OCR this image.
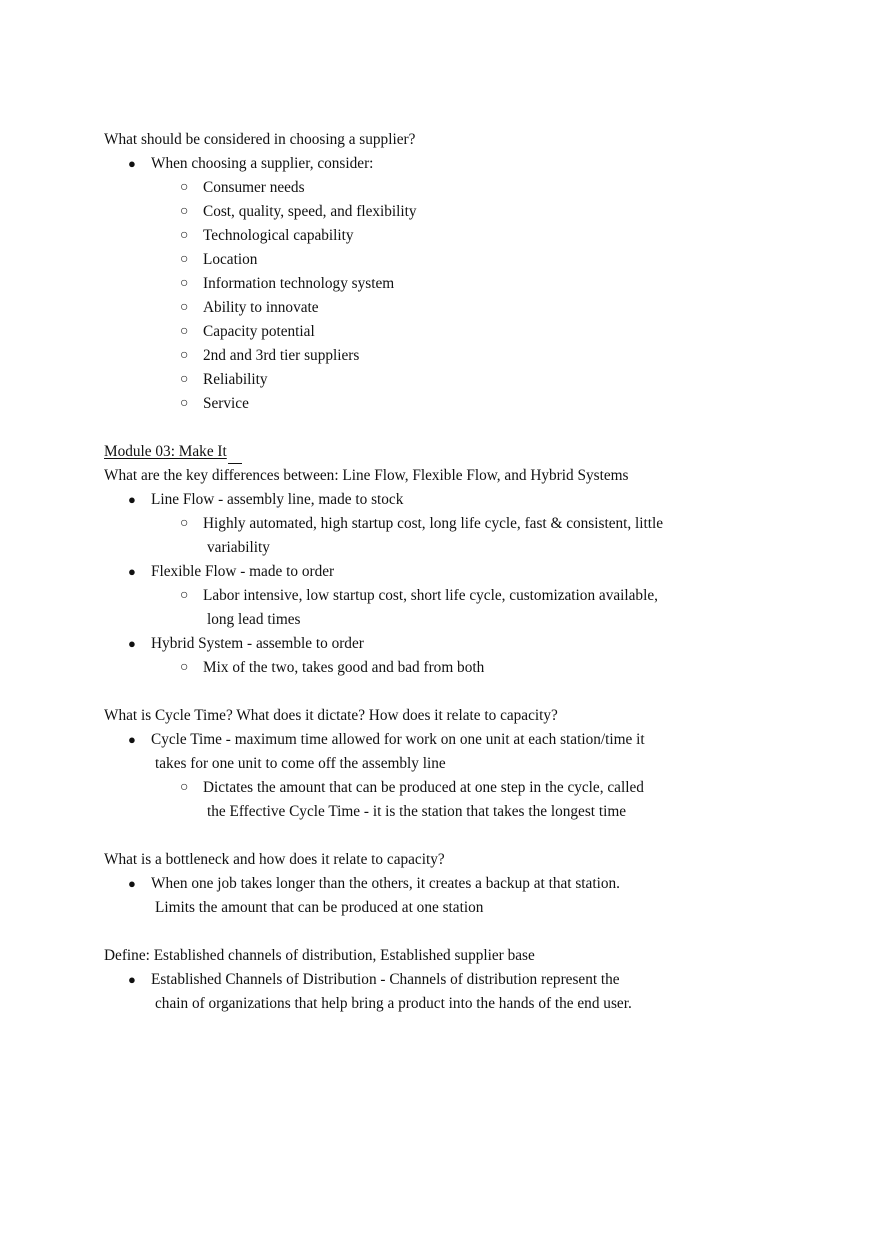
What should be considered in choosing a supplier?
● When choosing a supplier, consider:
○ Consumer needs
○ Cost, quality, speed, and flexibility
○ Technological capability
○ Location
○ Information technology system
○ Ability to innovate
○ Capacity potential
○ 2nd and 3rd tier suppliers
○ Reliability
○ Service
Module 03: Make It
What are the key differences between: Line Flow, Flexible Flow, and Hybrid Systems
● Line Flow - assembly line, made to stock
○ Highly automated, high startup cost, long life cycle, fast & consistent, little
variability
● Flexible Flow - made to order
○ Labor intensive, low startup cost, short life cycle, customization available,
long lead times
● Hybrid System - assemble to order
○ Mix of the two, takes good and bad from both
What is Cycle Time? What does it dictate? How does it relate to capacity?
● Cycle Time - maximum time allowed for work on one unit at each station/time it
takes for one unit to come off the assembly line
○ Dictates the amount that can be produced at one step in the cycle, called
the Effective Cycle Time - it is the station that takes the longest time
What is a bottleneck and how does it relate to capacity?
● When one job takes longer than the others, it creates a backup at that station.
Limits the amount that can be produced at one station
Define: Established channels of distribution, Established supplier base
● Established Channels of Distribution - Channels of distribution represent the
chain of organizations that help bring a product into the hands of the end user.
